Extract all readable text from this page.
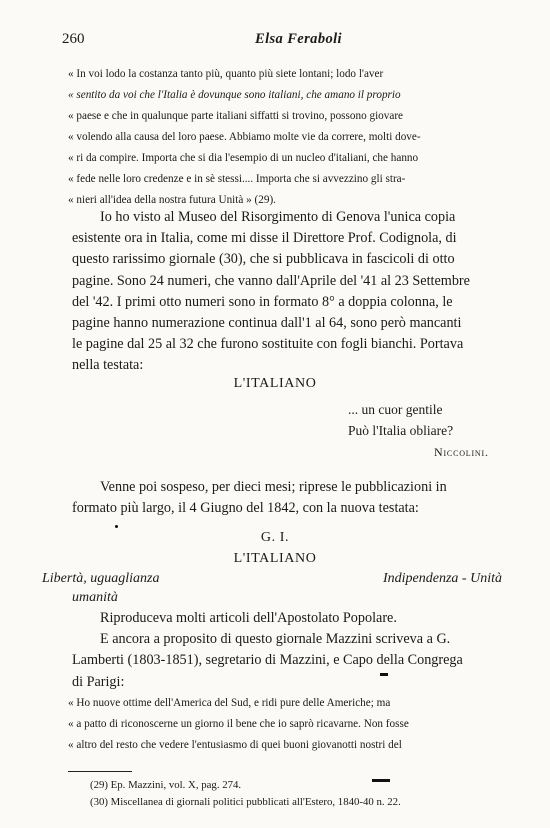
260	Elsa Feraboli
« In voi lodo la costanza tanto più, quanto più siete lontani; lodo l'aver
« sentito da voi che l'Italia è dovunque sono italiani, che amano il proprio
« paese e che in qualunque parte italiani siffatti si trovino, possono giovare
« volendo alla causa del loro paese. Abbiamo molte vie da correre, molti dove-
« ri da compire. Importa che si dia l'esempio di un nucleo d'italiani, che hanno
« fede nelle loro credenze e in sè stessi.... Importa che si avvezzino gli stra-
« nieri all'idea della nostra futura Unità » (29).
Io ho visto al Museo del Risorgimento di Genova l'unica copia
esistente ora in Italia, come mi disse il Direttore Prof. Codignola, di
questo rarissimo giornale (30), che si pubblicava in fascicoli di otto
pagine. Sono 24 numeri, che vanno dall'Aprile del '41 al 23 Settembre
del '42. I primi otto numeri sono in formato 8° a doppia colonna, le
pagine hanno numerazione continua dall'1 al 64, sono però mancanti
le pagine dal 25 al 32 che furono sostituite con fogli bianchi. Portava
nella testata:
L'ITALIANO
... un cuor gentile
Può l'Italia obliare?
Niccolini.
Venne poi sospeso, per dieci mesi; riprese le pubblicazioni in
formato più largo, il 4 Giugno del 1842, con la nuova testata:
G. I.
L'ITALIANO
Libertà, uguaglianza
umanità
Indipendenza - Unità
Riproduceva molti articoli dell'Apostolato Popolare.
E ancora a proposito di questo giornale Mazzini scriveva a G.
Lamberti (1803-1851), segretario di Mazzini, e Capo della Congrega
di Parigi:
« Ho nuove ottime dell'America del Sud, e ridi pure delle Americhe; ma
« a patto di riconoscerne un giorno il bene che io saprò ricavarne. Non fosse
« altro del resto che vedere l'entusiasmo di quei buoni giovanotti nostri del
(29) Ep. Mazzini, vol. X, pag. 274.
(30) Miscellanea di giornali politici pubblicati all'Estero, 1840-40 n. 22.
